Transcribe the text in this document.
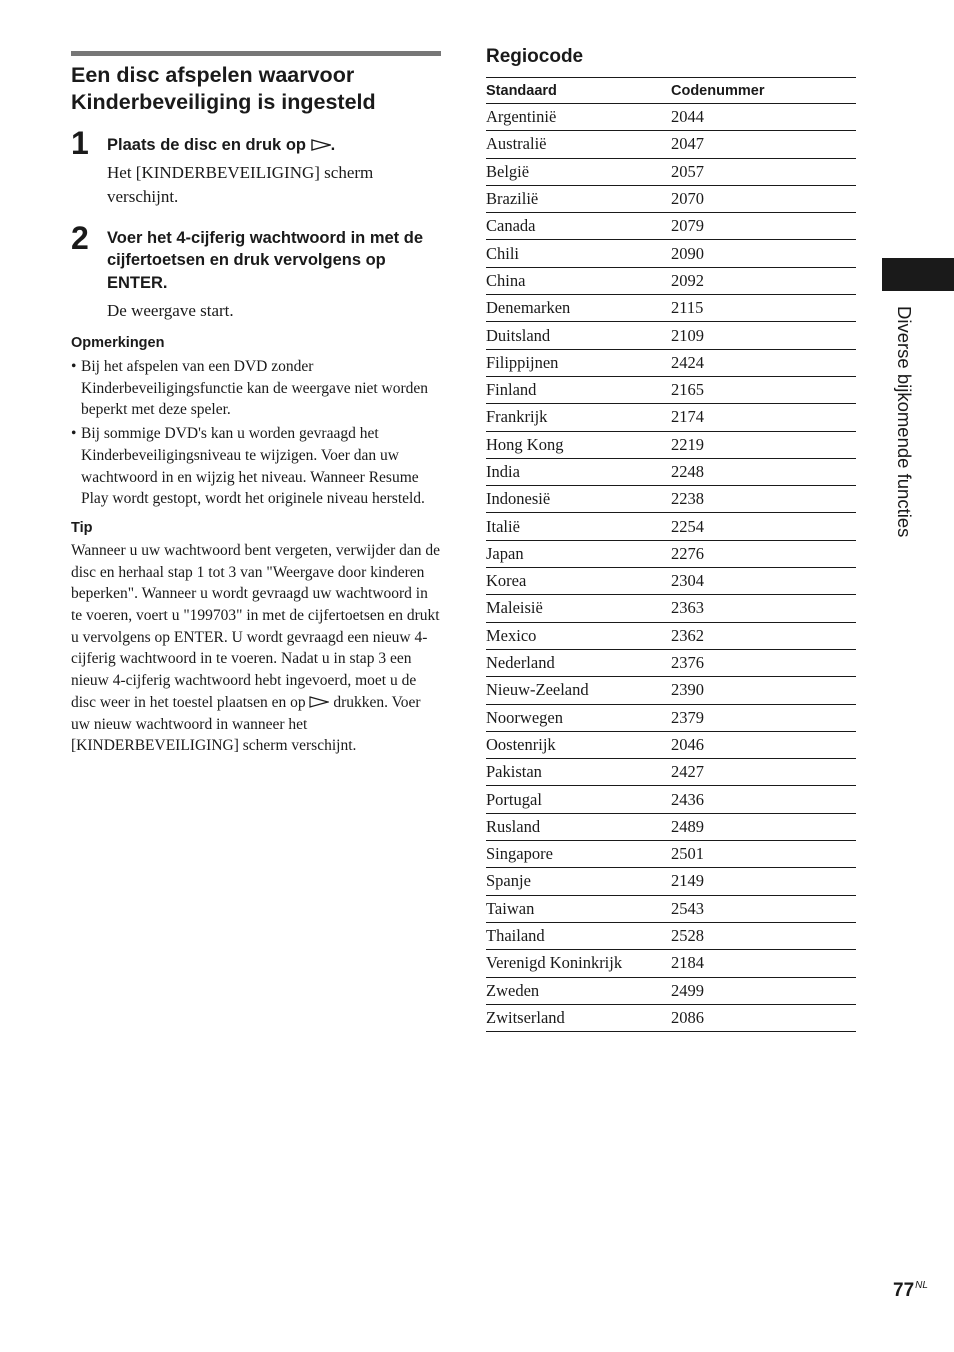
Een disc afspelen waarvoor Kinderbeveiliging is ingesteld
1 Plaats de disc en druk op .
Het [KINDERBEVEILIGING] scherm verschijnt.
2 Voer het 4-cijferig wachtwoord in met de cijfertoetsen en druk vervolgens op ENTER.
De weergave start.
Opmerkingen
• Bij het afspelen van een DVD zonder Kinderbeveiligingsfunctie kan de weergave niet worden beperkt met deze speler.
• Bij sommige DVD's kan u worden gevraagd het Kinderbeveiligingsniveau te wijzigen. Voer dan uw wachtwoord in en wijzig het niveau. Wanneer Resume Play wordt gestopt, wordt het originele niveau hersteld.
Tip
Wanneer u uw wachtwoord bent vergeten, verwijder dan de disc en herhaal stap 1 tot 3 van "Weergave door kinderen beperken". Wanneer u wordt gevraagd uw wachtwoord in te voeren, voert u "199703" in met de cijfertoetsen en drukt u vervolgens op ENTER. U wordt gevraagd een nieuw 4-cijferig wachtwoord in te voeren. Nadat u in stap 3 een nieuw 4-cijferig wachtwoord hebt ingevoerd, moet u de disc weer in het toestel plaatsen en op drukken. Voer uw nieuw wachtwoord in wanneer het [KINDERBEVEILIGING] scherm verschijnt.
Regiocode
Standaard	Codenummer
Argentinië	2044
Australië	2047
België	2057
Brazilië	2070
Canada	2079
Chili	2090
China	2092
Denemarken	2115
Duitsland	2109
Filippijnen	2424
Finland	2165
Frankrijk	2174
Hong Kong	2219
India	2248
Indonesië	2238
Italië	2254
Japan	2276
Korea	2304
Maleisië	2363
Mexico	2362
Nederland	2376
Nieuw-Zeeland	2390
Noorwegen	2379
Oostenrijk	2046
Pakistan	2427
Portugal	2436
Rusland	2489
Singapore	2501
Spanje	2149
Taiwan	2543
Thailand	2528
Verenigd Koninkrijk	2184
Zweden	2499
Zwitserland	2086
Diverse bijkomende functies
$77^{NL}$
